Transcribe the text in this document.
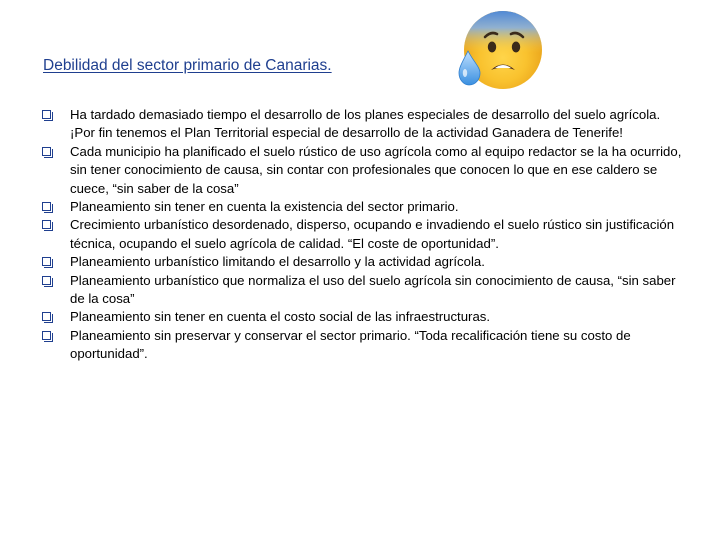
Debilidad del sector primario de Canarias.
Ha tardado demasiado tiempo el desarrollo de los planes especiales de desarrollo del suelo agrícola. ¡Por fin tenemos el Plan Territorial especial de desarrollo de la actividad Ganadera de Tenerife!
Cada municipio ha planificado el suelo rústico de uso agrícola como al equipo redactor se la ha ocurrido, sin tener conocimiento de causa, sin contar con profesionales que conocen lo que en ese caldero se cuece, “sin saber de la cosa”
Planeamiento sin tener en cuenta la existencia del sector primario.
Crecimiento urbanístico desordenado, disperso, ocupando e invadiendo el suelo rústico sin justificación técnica, ocupando el suelo agrícola de calidad. “El coste de oportunidad”.
Planeamiento urbanístico limitando el desarrollo y la actividad agrícola.
Planeamiento urbanístico que normaliza el uso del suelo agrícola sin conocimiento de causa, “sin saber de la cosa”
Planeamiento sin tener en cuenta el costo social de las infraestructuras.
Planeamiento sin preservar y conservar el sector primario. “Toda recalificación tiene su costo de oportunidad”.
